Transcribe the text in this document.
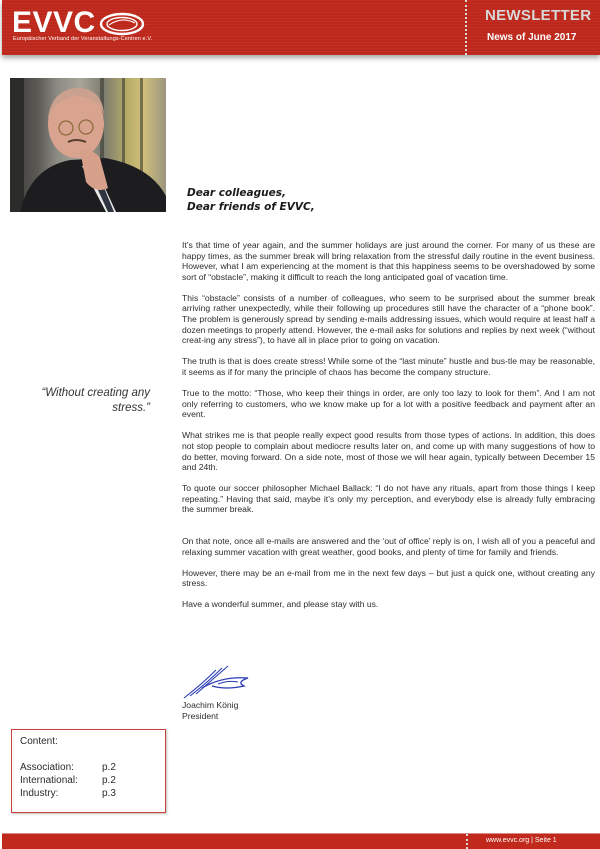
EVVC
Europäischer Verband der Veranstaltungs-Centren e.V.
NEWSLETTER
News of June 2017
Dear colleagues,
Dear friends of EVVC,
“Without creating any stress.”

It’s that time of year again, and the summer holidays are just around the corner. For many of us these are happy times, as the summer break will bring relaxation from the stressful daily routine in the event business. However, what I am experiencing at the moment is that this happiness seems to be overshadowed by some sort of “obstacle”, making it difficult to reach the long anticipated goal of vacation time.

This “obstacle” consists of a number of colleagues, who seem to be surprised about the summer break arriving rather unexpectedly, while their following up procedures still have the character of a “phone book”. The problem is generously spread by sending e-mails addressing issues, which would require at least half a dozen meetings to properly attend. However, the e-mail asks for solutions and replies by next week (“without creat-ing any stress”), to have all in place prior to going on vacation.

The truth is that is does create stress! While some of the “last minute” hustle and bus-tle may be reasonable, it seems as if for many the principle of chaos has become the company structure.

True to the motto: “Those, who keep their things in order, are only too lazy to look for them”. And I am not only referring to customers, who we know make up for a lot with a positive feedback and payment after an event.

What strikes me is that people really expect good results from those types of actions. In addition, this does not stop people to complain about mediocre results later on, and come up with many suggestions of how to do better, moving forward. On a side note, most of those we will hear again, typically between December 15 and 24th.

To quote our soccer philosopher Michael Ballack: “I do not have any rituals, apart from those things I keep repeating.” Having that said, maybe it’s only my perception, and everybody else is already fully embracing the summer break.

On that note, once all e-mails are answered and the ‘out of office’ reply is on, I wish all of you a peaceful and relaxing summer vacation with great weather, good books, and plenty of time for family and friends.

However, there may be an e-mail from me in the next few days – but just a quick one, without creating any stress.

Have a wonderful summer, and please stay with us.

Joachim König
President
Content:
Association:	p.2
International:	p.2
Industry:	p.3
www.evvc.org | Seite 1
